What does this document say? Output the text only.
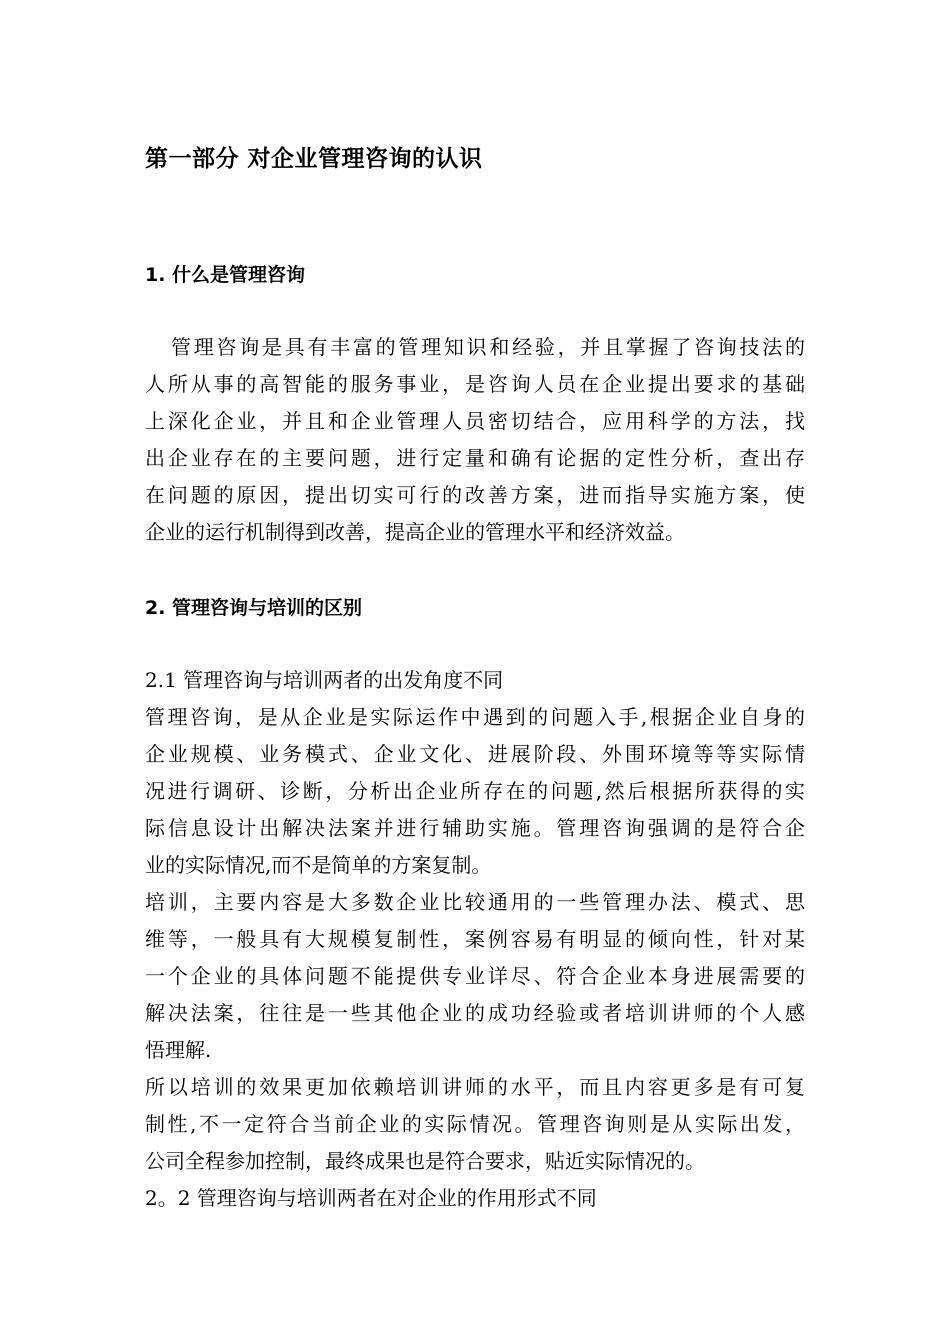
第一部分 对企业管理咨询的认识
1. 什么是管理咨询
管理咨询是具有丰富的管理知识和经验，并且掌握了咨询技法的
人所从事的高智能的服务事业，是咨询人员在企业提出要求的基础
上深化企业，并且和企业管理人员密切结合，应用科学的方法，找
出企业存在的主要问题，进行定量和确有论据的定性分析，查出存
在问题的原因，提出切实可行的改善方案，进而指导实施方案，使
企业的运行机制得到改善，提高企业的管理水平和经济效益。
2. 管理咨询与培训的区别
2.1 管理咨询与培训两者的出发角度不同
管理咨询，是从企业是实际运作中遇到的问题入手,根据企业自身的
企业规模、业务模式、企业文化、进展阶段、外围环境等等实际情
况进行调研、诊断，分析出企业所存在的问题,然后根据所获得的实
际信息设计出解决法案并进行辅助实施。管理咨询强调的是符合企
业的实际情况,而不是简单的方案复制。
培训，主要内容是大多数企业比较通用的一些管理办法、模式、思
维等，一般具有大规模复制性，案例容易有明显的倾向性，针对某
一个企业的具体问题不能提供专业详尽、符合企业本身进展需要的
解决法案，往往是一些其他企业的成功经验或者培训讲师的个人感
悟理解.
所以培训的效果更加依赖培训讲师的水平，而且内容更多是有可复
制性,不一定符合当前企业的实际情况。管理咨询则是从实际出发，
公司全程参加控制，最终成果也是符合要求，贴近实际情况的。
2。2 管理咨询与培训两者在对企业的作用形式不同
